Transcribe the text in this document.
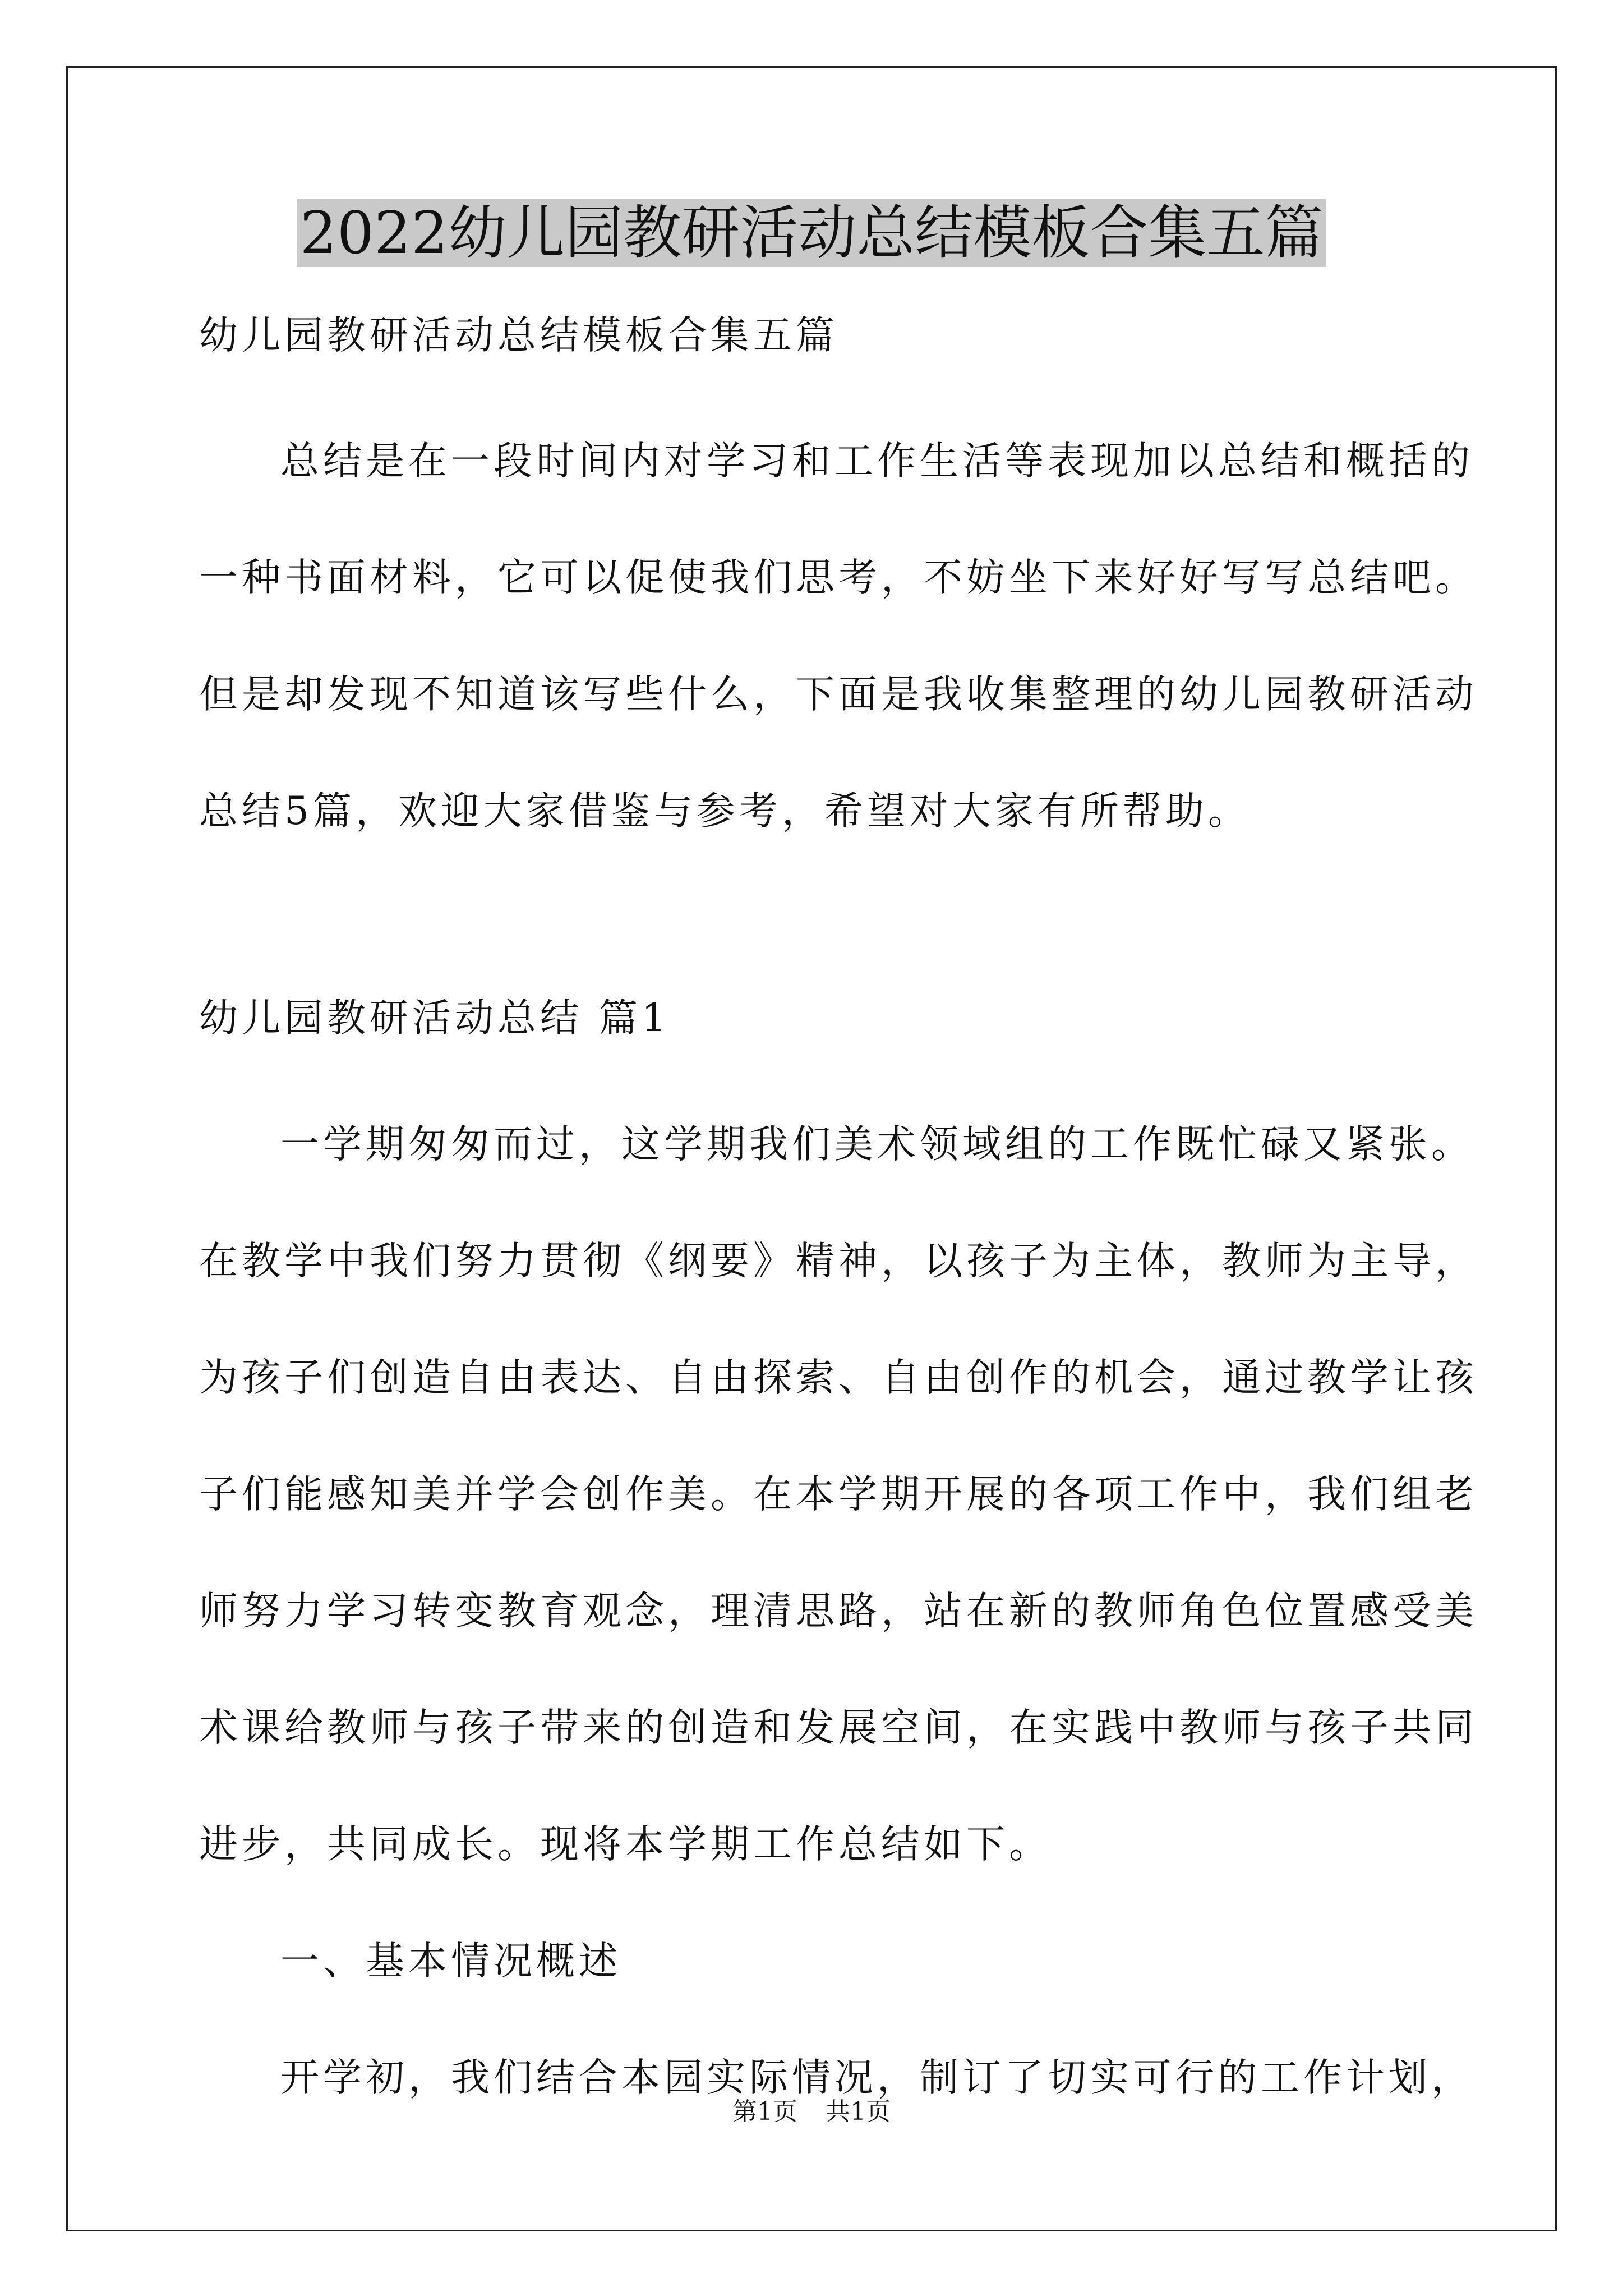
2022幼儿园教研活动总结模板合集五篇
幼儿园教研活动总结模板合集五篇
总结是在一段时间内对学习和工作生活等表现加以总结和概括的
一种书面材料，它可以促使我们思考，不妨坐下来好好写写总结吧。
但是却发现不知道该写些什么，下面是我收集整理的幼儿园教研活动
总结5篇，欢迎大家借鉴与参考，希望对大家有所帮助。
幼儿园教研活动总结 篇1
一学期匆匆而过，这学期我们美术领域组的工作既忙碌又紧张。
在教学中我们努力贯彻《纲要》精神，以孩子为主体，教师为主导，
为孩子们创造自由表达、自由探索、自由创作的机会，通过教学让孩
子们能感知美并学会创作美。在本学期开展的各项工作中，我们组老
师努力学习转变教育观念，理清思路，站在新的教师角色位置感受美
术课给教师与孩子带来的创造和发展空间，在实践中教师与孩子共同
进步，共同成长。现将本学期工作总结如下。
一、基本情况概述
开学初，我们结合本园实际情况，制订了切实可行的工作计划，
第1页 共1页
